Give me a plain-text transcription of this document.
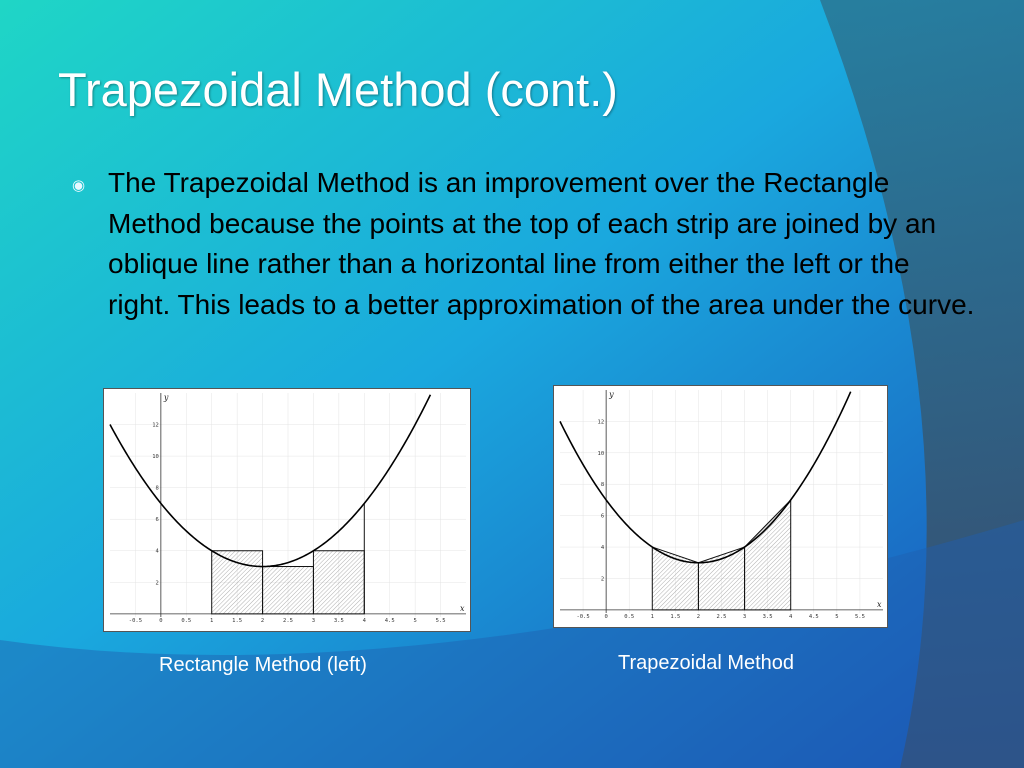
Trapezoidal Method (cont.)
◉ The Trapezoidal Method is an improvement over the Rectangle Method because the points at the top of each strip are joined by an oblique line rather than a horizontal line from either the left or the right. This leads to a better approximation of the area under the curve.

x
y
-0.5	0	0.5	1	1.5	2	2.5	3	3.5	4	4.5	5	5.5
2
4
6
8
10
12
x
y
-0.5	0	0.5	1	1.5	2	2.5	3	3.5	4	4.5	5	5.5
2
4
6
8
10
12
Rectangle Method (left)	Trapezoidal Method
